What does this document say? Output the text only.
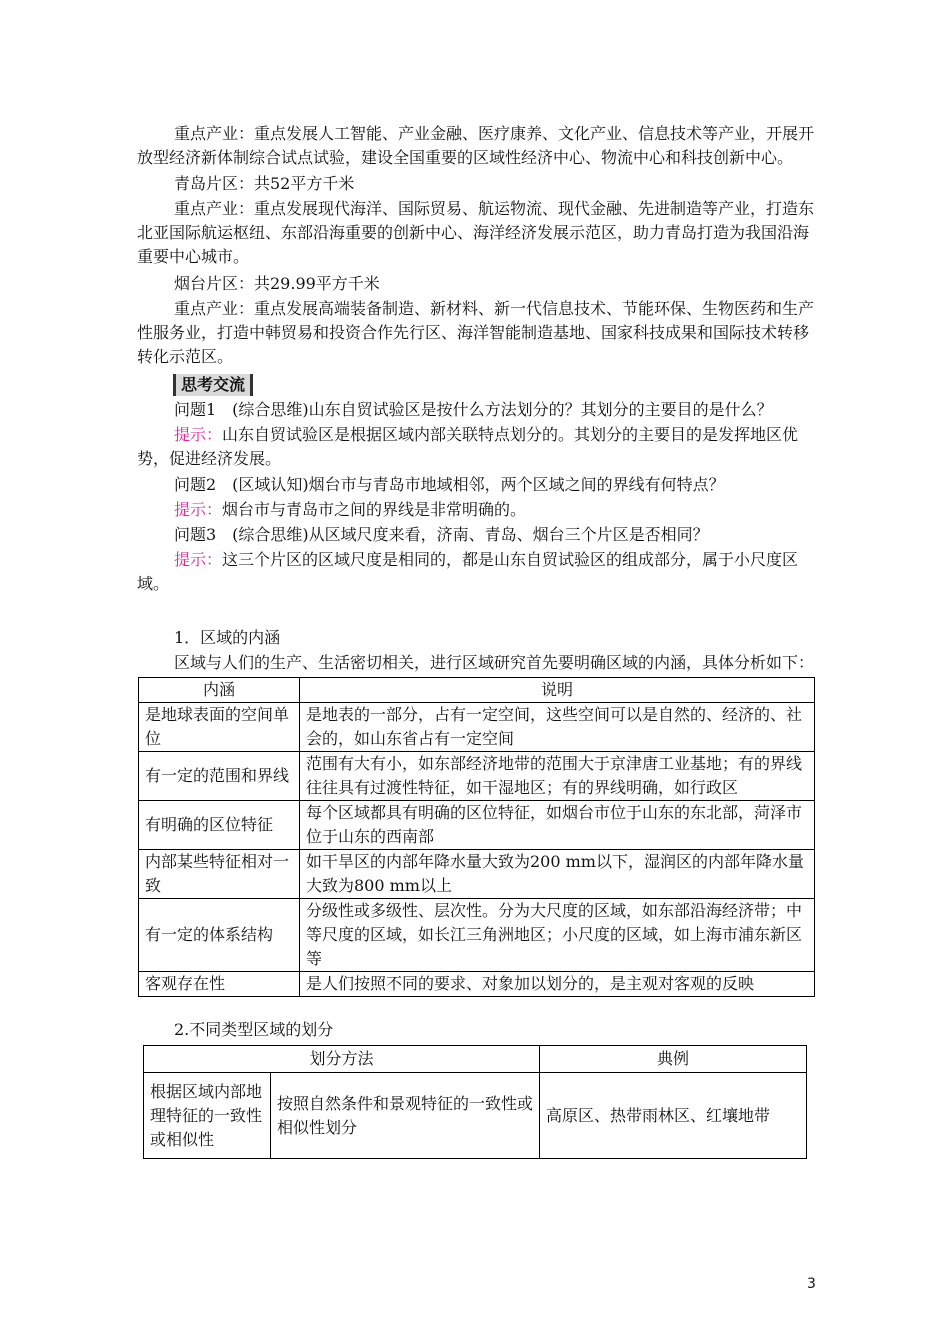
重点产业：重点发展人工智能、产业金融、医疗康养、文化产业、信息技术等产业，开展开放型经济新体制综合试点试验，建设全国重要的区域性经济中心、物流中心和科技创新中心。

青岛片区：共52平方千米

重点产业：重点发展现代海洋、国际贸易、航运物流、现代金融、先进制造等产业，打造东北亚国际航运枢纽、东部沿海重要的创新中心、海洋经济发展示范区，助力青岛打造为我国沿海重要中心城市。

烟台片区：共29.99平方千米

重点产业：重点发展高端装备制造、新材料、新一代信息技术、节能环保、生物医药和生产性服务业，打造中韩贸易和投资合作先行区、海洋智能制造基地、国家科技成果和国际技术转移转化示范区。

思考交流
问题1　(综合思维)山东自贸试验区是按什么方法划分的？其划分的主要目的是什么？

提示：山东自贸试验区是根据区域内部关联特点划分的。其划分的主要目的是发挥地区优势，促进经济发展。

问题2　(区域认知)烟台市与青岛市地域相邻，两个区域之间的界线有何特点？
提示：烟台市与青岛市之间的界线是非常明确的。
问题3　(综合思维)从区域尺度来看，济南、青岛、烟台三个片区是否相同？

提示：这三个片区的区域尺度是相同的，都是山东自贸试验区的组成部分，属于小尺度区域。

1．区域的内涵
区域与人们的生产、生活密切相关，进行区域研究首先要明确区域的内涵，具体分析如下：
内涵	说明
是地球表面的空间单位	是地表的一部分，占有一定空间，这些空间可以是自然的、经济的、社会的，如山东省占有一定空间
有一定的范围和界线	范围有大有小，如东部经济地带的范围大于京津唐工业基地；有的界线往往具有过渡性特征，如干湿地区；有的界线明确，如行政区
有明确的区位特征	每个区域都具有明确的区位特征，如烟台市位于山东的东北部，菏泽市位于山东的西南部
内部某些特征相对一致	如干旱区的内部年降水量大致为200 mm以下，湿润区的内部年降水量大致为800 mm以上
有一定的体系结构	分级性或多级性、层次性。分为大尺度的区域，如东部沿海经济带；中等尺度的区域，如长江三角洲地区；小尺度的区域，如上海市浦东新区等
客观存在性	是人们按照不同的要求、对象加以划分的，是主观对客观的反映
2.不同类型区域的划分
划分方法		典例
根据区域内部地理特征的一致性或相似性	按照自然条件和景观特征的一致性或相似性划分	高原区、热带雨林区、红壤地带
3
